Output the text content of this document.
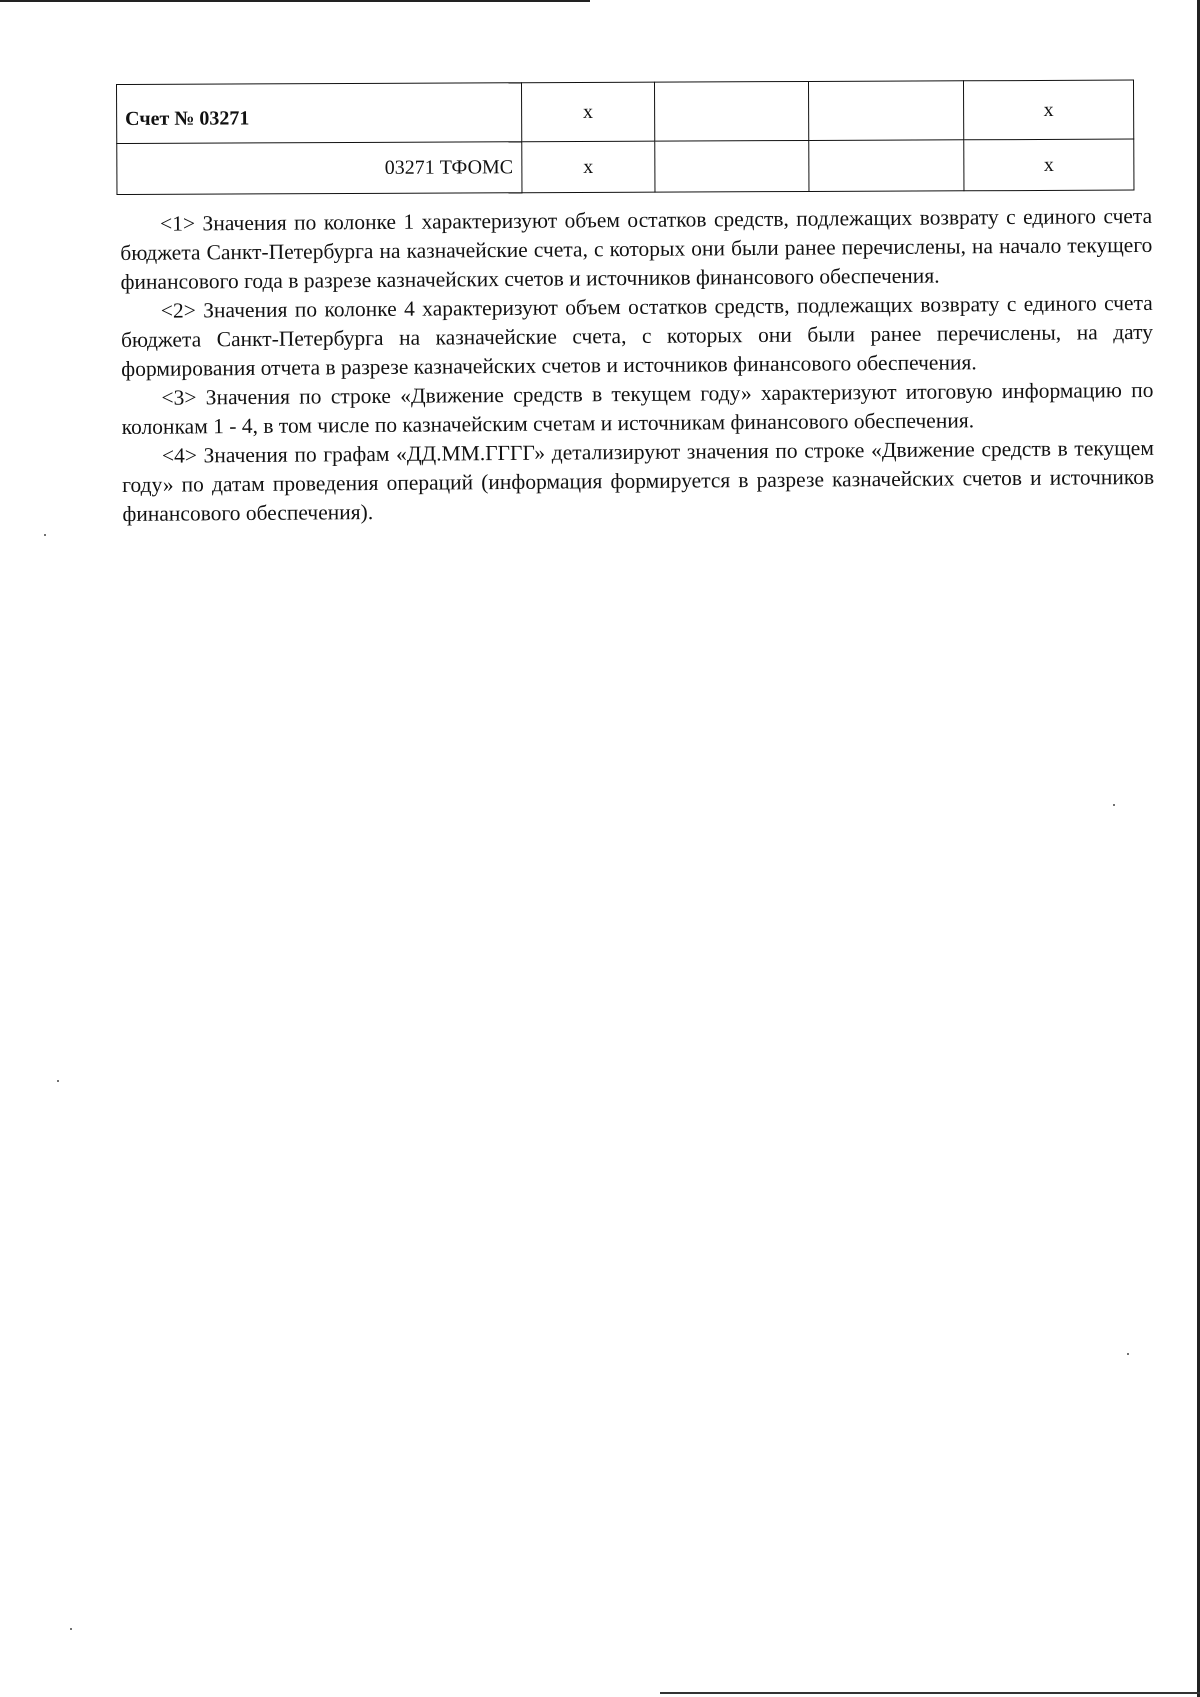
Счет № 03271	x			x
03271 ТФОМС	x			x

<1> Значения по колонке 1 характеризуют объем остатков средств, подлежащих возврату с единого счета бюджета Санкт-Петербурга на казначейские счета, с которых они были ранее перечислены, на начало текущего финансового года в разрезе казначейских счетов и источников финансового обеспечения.

<2> Значения по колонке 4 характеризуют объем остатков средств, подлежащих возврату с единого счета бюджета Санкт-Петербурга на казначейские счета, с которых они были ранее перечислены, на дату формирования отчета в разрезе казначейских счетов и источников финансового обеспечения.

<3> Значения по строке «Движение средств в текущем году» характеризуют итоговую информацию по колонкам 1 - 4, в том числе по казначейским счетам и источникам финансового обеспечения.

<4> Значения по графам «ДД.ММ.ГГГГ» детализируют значения по строке «Движение средств в текущем году» по датам проведения операций (информация формируется в разрезе казначейских счетов и источников финансового обеспечения).
